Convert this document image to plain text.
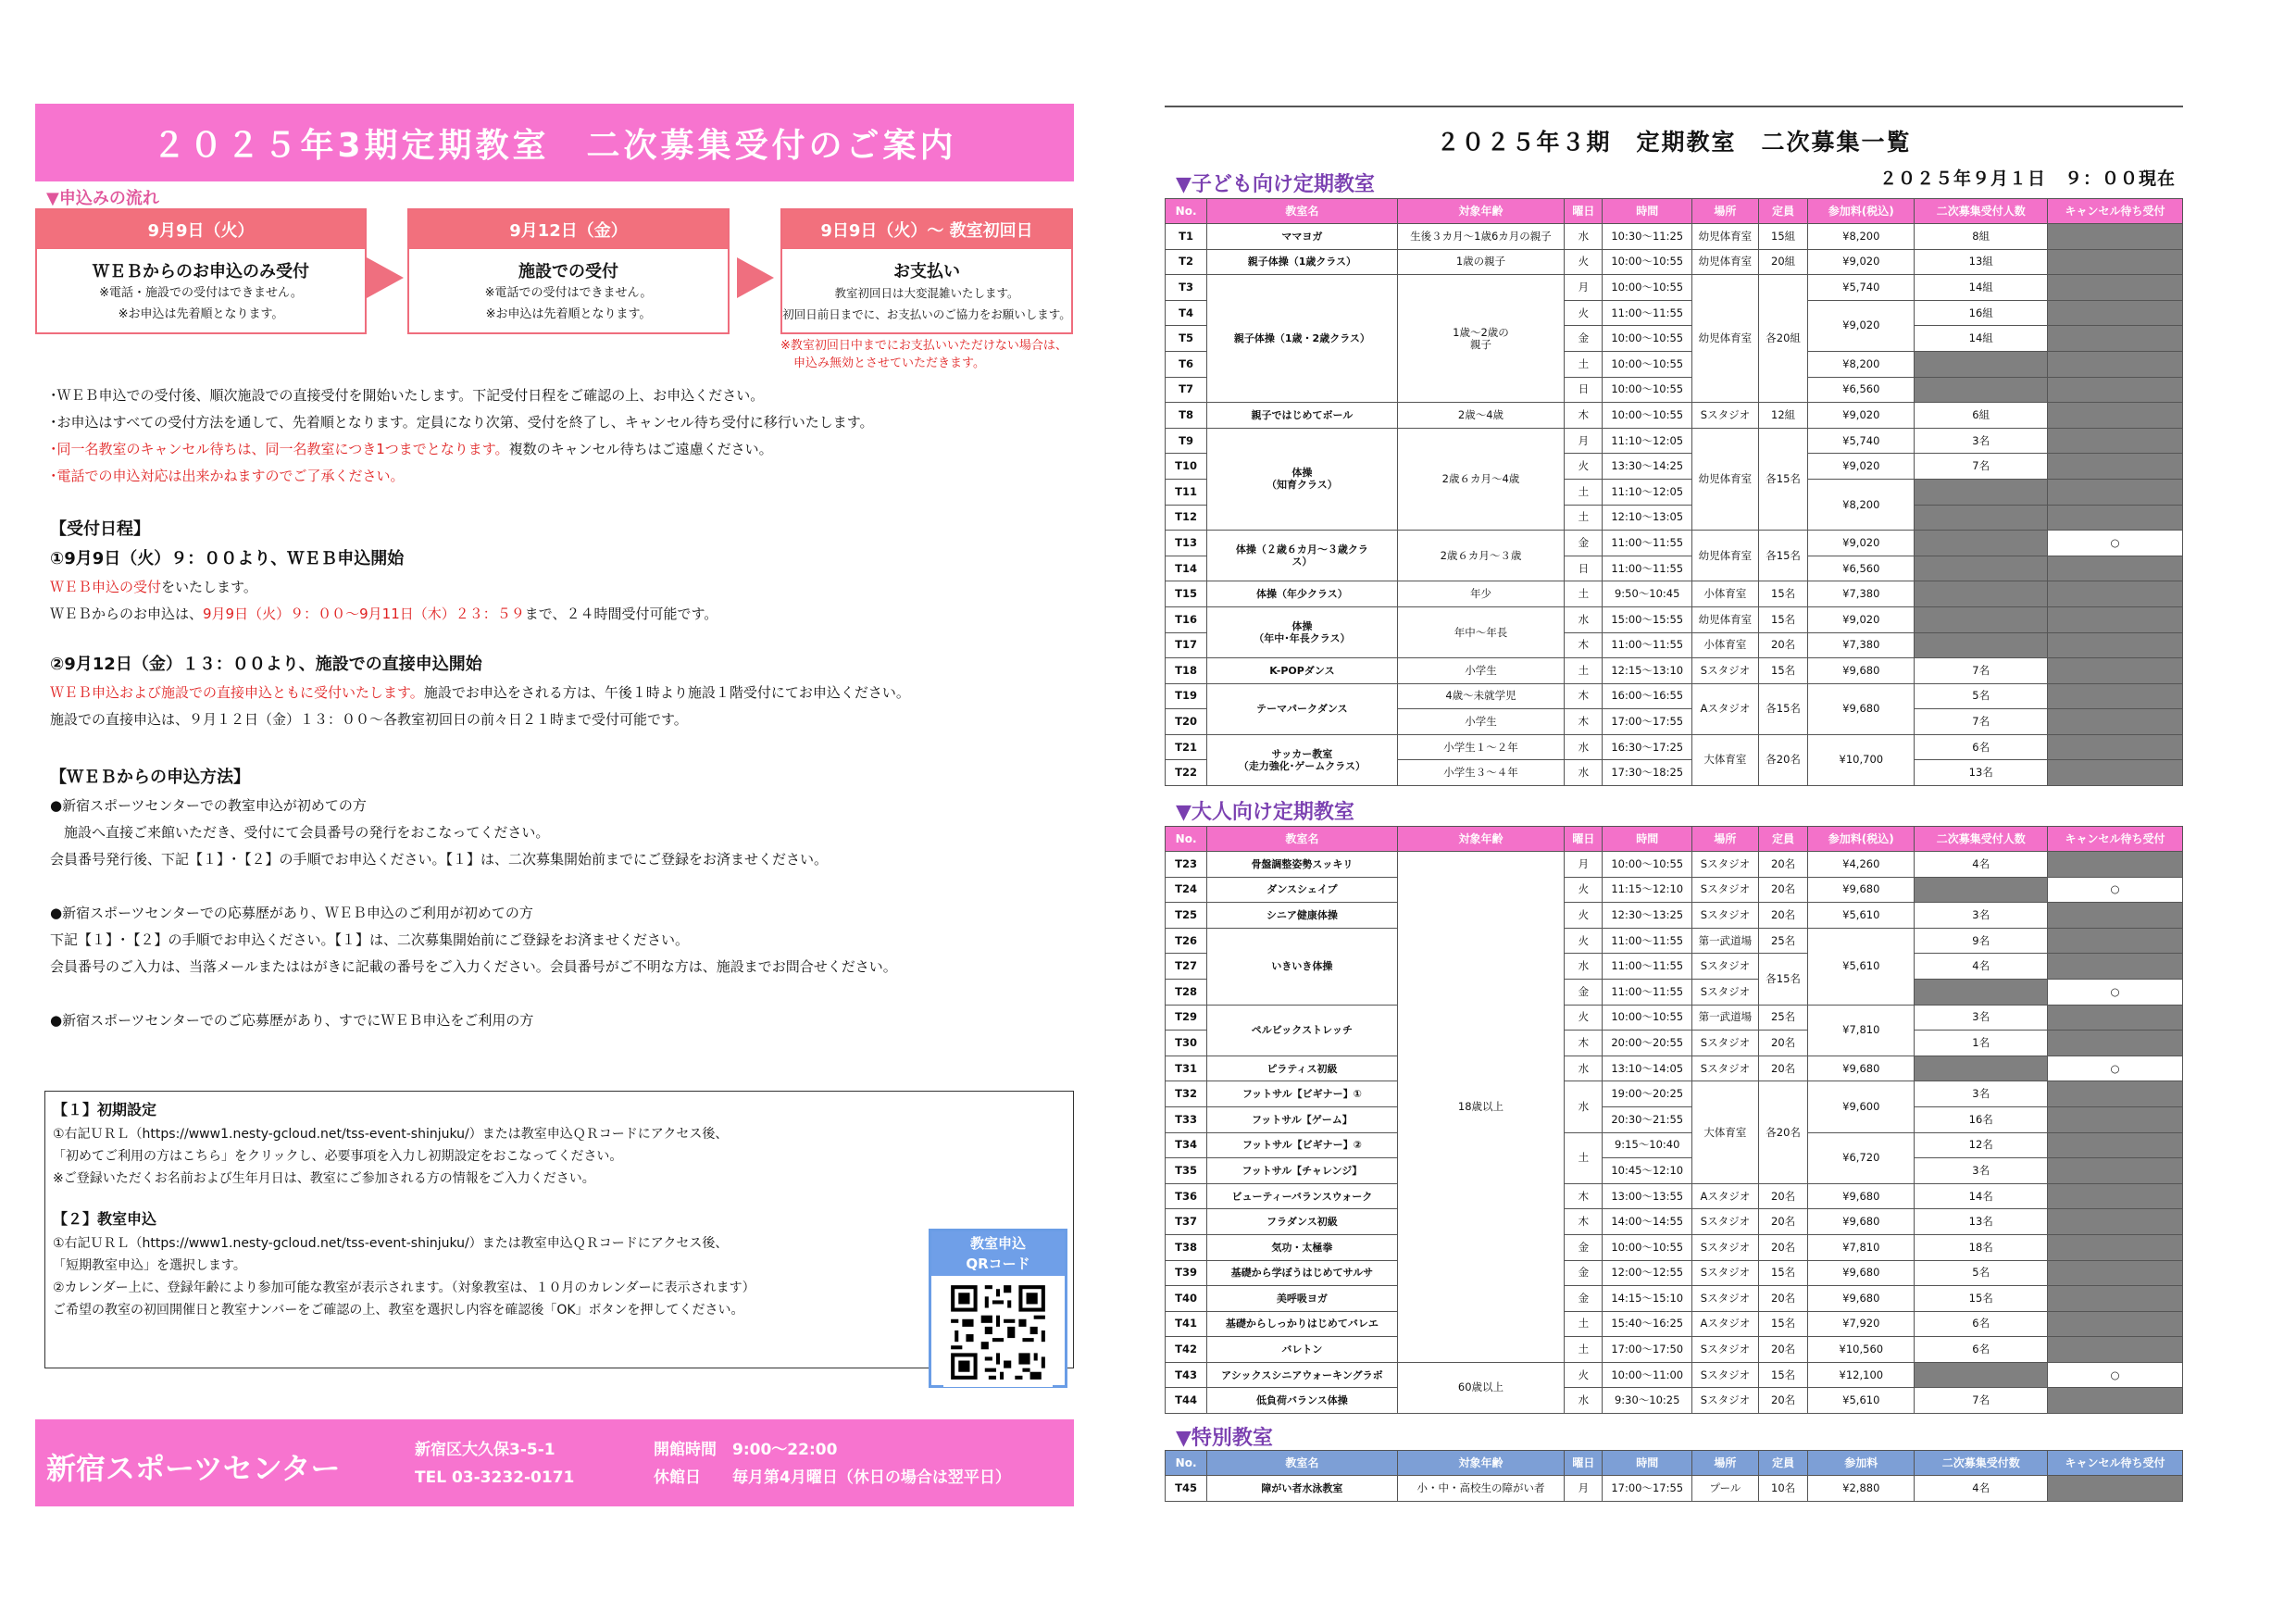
２０２５年3期定期教室　二次募集受付のご案内
▼申込みの流れ
9月9日（火）
ＷＥＢからのお申込のみ受付
※電話・施設での受付はできません。
※お申込は先着順となります。
9月12日（金）
施設での受付
※電話での受付はできません。
※お申込は先着順となります。
9日9日（火）～ 教室初回日
お支払い
教室初回日は大変混雑いたします。
初回日前日までに、お支払いのご協力をお願いします。
※教室初回日中までにお支払いいただけない場合は、
申込み無効とさせていただきます。

･ＷＥＢ申込での受付後、順次施設での直接受付を開始いたします。下記受付日程をご確認の上、お申込ください。

･お申込はすべての受付方法を通して、先着順となります。定員になり次第、受付を終了し、キャンセル待ち受付に移行いたします。

･同一名教室のキャンセル待ちは、同一名教室につき1つまでとなります。複数のキャンセル待ちはご遠慮ください。

･電話での申込対応は出来かねますのでご了承ください。

【受付日程】

①9月9日（火）９：００より、ＷＥＢ申込開始

ＷＥＢ申込の受付をいたします。

ＷＥＢからのお申込は、9月9日（火）９：００～9月11日（木）２３：５９まで、２４時間受付可能です。

②9月12日（金）１３：００より、施設での直接申込開始

ＷＥＢ申込および施設での直接申込ともに受付いたします。施設でお申込をされる方は、午後１時より施設１階受付にてお申込ください。

施設での直接申込は、９月１２日（金）１３：００～各教室初回日の前々日２１時まで受付可能です。

【ＷＥＢからの申込方法】

●新宿スポーツセンターでの教室申込が初めての方

　施設へ直接ご来館いただき、受付にて会員番号の発行をおこなってください。

会員番号発行後、下記【１】･【２】の手順でお申込ください。【１】は、二次募集開始前までにご登録をお済ませください。

●新宿スポーツセンターでの応募歴があり、ＷＥＢ申込のご利用が初めての方

下記【１】･【２】の手順でお申込ください。【１】は、二次募集開始前にご登録をお済ませください。

会員番号のご入力は、当落メールまたははがきに記載の番号をご入力ください。会員番号がご不明な方は、施設までお問合せください。

●新宿スポーツセンターでのご応募歴があり、すでにＷＥＢ申込をご利用の方

【１】初期設定

①右記ＵＲＬ（https://www1.nesty-gcloud.net/tss-event-shinjuku/）または教室申込ＱＲコードにアクセス後、

「初めてご利用の方はこちら」をクリックし、必要事項を入力し初期設定をおこなってください。

※ご登録いただくお名前および生年月日は、教室にご参加される方の情報をご入力ください。

【２】教室申込

①右記ＵＲＬ（https://www1.nesty-gcloud.net/tss-event-shinjuku/）または教室申込ＱＲコードにアクセス後、

「短期教室申込」を選択します。

②カレンダー上に、登録年齢により参加可能な教室が表示されます。（対象教室は、１０月のカレンダーに表示されます）

ご希望の教室の初回開催日と教室ナンバーをご確認の上、教室を選択し内容を確認後「OK」ボタンを押してください。

教室申込
QRコード
新宿スポーツセンター
新宿区大久保3-5-1
TEL 03-3232-0171
開館時間　9:00～22:00
休館日　　毎月第4月曜日（休日の場合は翌平日）
２０２５年３期　定期教室　二次募集一覧
２０２５年９月１日　９：００現在
▼子ども向け定期教室
No.	教室名	対象年齢	曜日	時間	場所	定員	参加料(税込)	二次募集受付人数	キャンセル待ち受付
T1	ママヨガ	生後３カ月～1歳6カ月の親子	水	10:30～11:25	幼児体育室	15組	¥8,200	8組	
T2	親子体操（1歳クラス）	1歳の親子	火	10:00～10:55	幼児体育室	20組	¥9,020	13組	
T3	親子体操（1歳・2歳クラス）	1歳～2歳の
親子	月	10:00～10:55	幼児体育室	各20組	¥5,740	14組	
T4			火	11:00～11:55			¥9,020	16組	
T5			金	10:00～10:55				14組	
T6			土	10:00～10:55			¥8,200		
T7			日	10:00～10:55			¥6,560		
T8	親子ではじめてボール	2歳～4歳	木	10:00～10:55	Sスタジオ	12組	¥9,020	6組	
T9	体操
（知育クラス）	2歳６カ月～4歳	月	11:10～12:05	幼児体育室	各15名	¥5,740	3名	
T10			火	13:30～14:25			¥9,020	7名	
T11			土	11:10～12:05			¥8,200		
T12			土	12:10～13:05					
T13	体操（２歳６カ月～３歳クラ
ス）	2歳６カ月～３歳	金	11:00～11:55	幼児体育室	各15名	¥9,020		○
T14			日	11:00～11:55			¥6,560		
T15	体操（年少クラス）	年少	土	9:50～10:45	小体育室	15名	¥7,380		
T16	体操
（年中･年長クラス）	年中～年長	水	15:00～15:55	幼児体育室	15名	¥9,020		
T17			木	11:00～11:55	小体育室	20名	¥7,380		
T18	K-POPダンス	小学生	土	12:15～13:10	Sスタジオ	15名	¥9,680	7名	
T19	テーマパークダンス	4歳～未就学児	木	16:00～16:55	Aスタジオ	各15名	¥9,680	5名	
T20		小学生	木	17:00～17:55				7名	
T21	サッカー教室
（走力強化･ゲームクラス）	小学生１～２年	水	16:30～17:25	大体育室	各20名	¥10,700	6名	
T22		小学生３～４年	水	17:30～18:25				13名	
▼大人向け定期教室
No.	教室名	対象年齢	曜日	時間	場所	定員	参加料(税込)	二次募集受付人数	キャンセル待ち受付
T23	骨盤調整姿勢スッキリ	18歳以上	月	10:00～10:55	Sスタジオ	20名	¥4,260	4名	
T24	ダンスシェイプ		火	11:15～12:10	Sスタジオ	20名	¥9,680		○
T25	シニア健康体操		火	12:30～13:25	Sスタジオ	20名	¥5,610	3名	
T26	いきいき体操		火	11:00～11:55	第一武道場	25名	¥5,610	9名	
T27			水	11:00～11:55	Sスタジオ	各15名		4名	
T28			金	11:00～11:55	Sスタジオ				○
T29	ペルビックストレッチ		火	10:00～10:55	第一武道場	25名	¥7,810	3名	
T30			木	20:00～20:55	Sスタジオ	20名		1名	
T31	ピラティス初級		水	13:10～14:05	Sスタジオ	20名	¥9,680		○
T32	フットサル【ビギナー】①		水	19:00～20:25	大体育室	各20名	¥9,600	3名	
T33	フットサル【ゲーム】			20:30～21:55				16名	
T34	フットサル【ビギナー】②		土	9:15～10:40			¥6,720	12名	
T35	フットサル【チャレンジ】			10:45～12:10				3名	
T36	ビューティーバランスウォーク		木	13:00～13:55	Aスタジオ	20名	¥9,680	14名	
T37	フラダンス初級		木	14:00～14:55	Sスタジオ	20名	¥9,680	13名	
T38	気功・太極拳		金	10:00～10:55	Sスタジオ	20名	¥7,810	18名	
T39	基礎から学ぼうはじめてサルサ		金	12:00～12:55	Sスタジオ	15名	¥9,680	5名	
T40	美呼吸ヨガ		金	14:15～15:10	Sスタジオ	20名	¥9,680	15名	
T41	基礎からしっかりはじめてバレエ		土	15:40～16:25	Aスタジオ	15名	¥7,920	6名	
T42	バレトン		土	17:00～17:50	Sスタジオ	20名	¥10,560	6名	
T43	アシックスシニアウォーキングラボ	60歳以上	火	10:00～11:00	Sスタジオ	15名	¥12,100		○
T44	低負荷バランス体操		水	9:30～10:25	Sスタジオ	20名	¥5,610	7名	
▼特別教室
No.	教室名	対象年齢	曜日	時間	場所	定員	参加料	二次募集受付数	キャンセル待ち受付
T45	障がい者水泳教室	小・中・高校生の障がい者	月	17:00～17:55	プール	10名	¥2,880	4名	
